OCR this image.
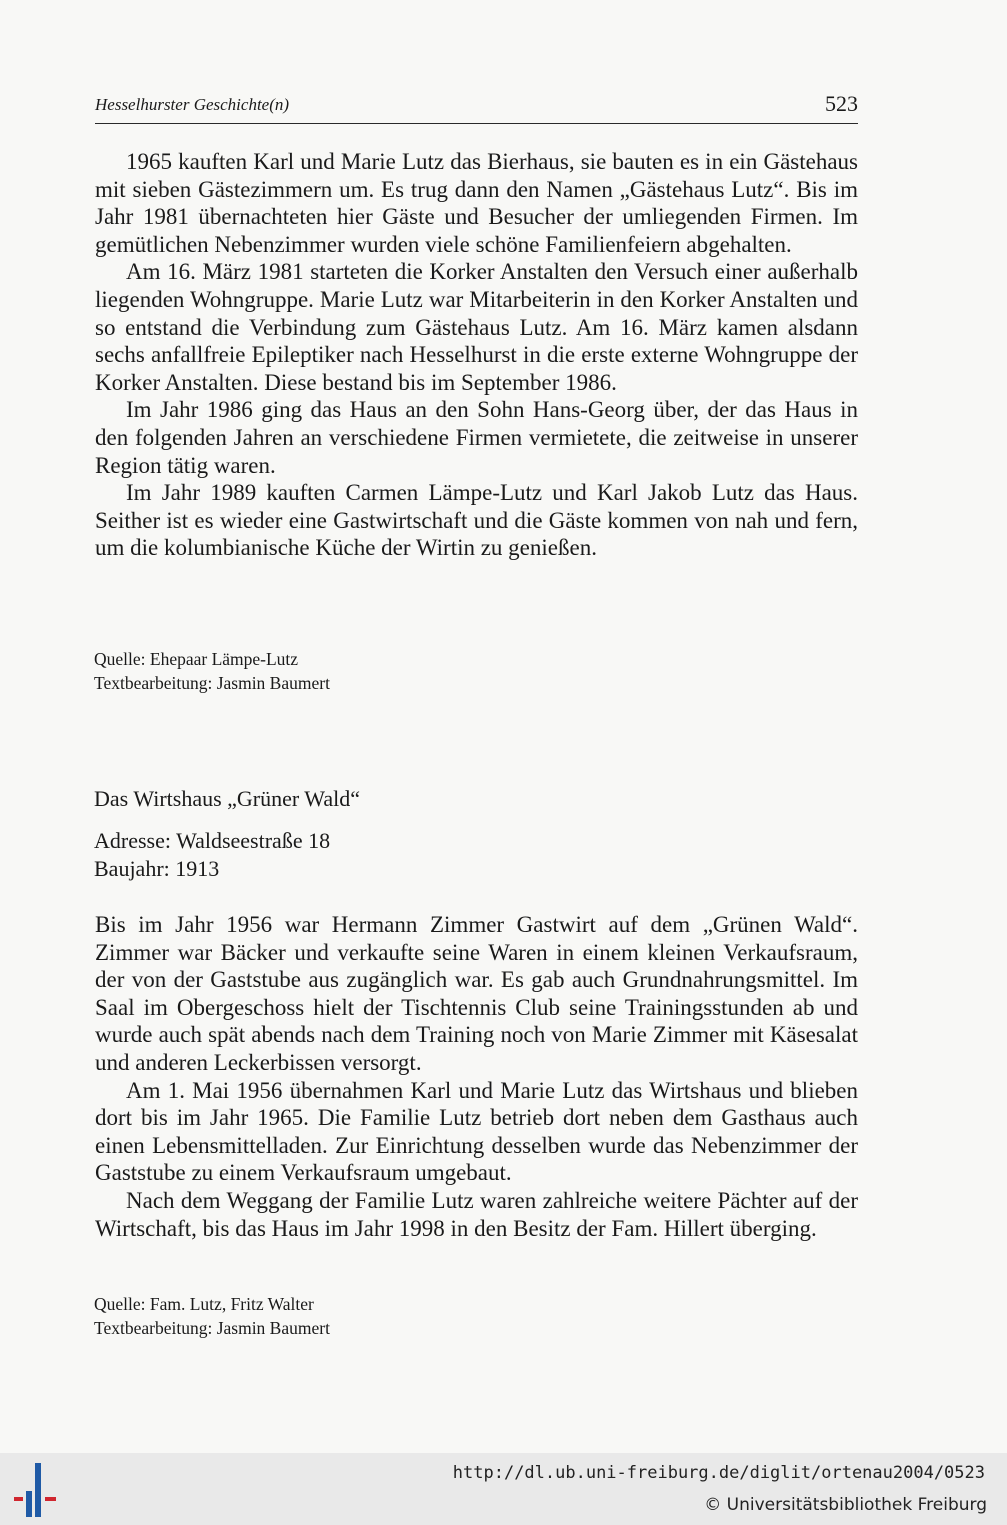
Hesselhurster Geschichte(n)	523

1965 kauften Karl und Marie Lutz das Bierhaus, sie bauten es in ein Gästehaus mit sieben Gästezimmern um. Es trug dann den Namen „Gästehaus Lutz“. Bis im Jahr 1981 übernachteten hier Gäste und Besucher der umliegenden Firmen. Im gemütlichen Nebenzimmer wurden viele schöne Familienfeiern abgehalten.

Am 16. März 1981 starteten die Korker Anstalten den Versuch einer außerhalb liegenden Wohngruppe. Marie Lutz war Mitarbeiterin in den Korker Anstalten und so entstand die Verbindung zum Gästehaus Lutz. Am 16. März kamen alsdann sechs anfallfreie Epileptiker nach Hesselhurst in die erste externe Wohngruppe der Korker Anstalten. Diese bestand bis im September 1986.

Im Jahr 1986 ging das Haus an den Sohn Hans-Georg über, der das Haus in den folgenden Jahren an verschiedene Firmen vermietete, die zeitweise in unserer Region tätig waren.

Im Jahr 1989 kauften Carmen Lämpe-Lutz und Karl Jakob Lutz das Haus. Seither ist es wieder eine Gastwirtschaft und die Gäste kommen von nah und fern, um die kolumbianische Küche der Wirtin zu genießen.

Quelle: Ehepaar Lämpe-Lutz
Textbearbeitung: Jasmin Baumert
Das Wirtshaus „Grüner Wald“
Adresse: Waldseestraße 18
Baujahr: 1913

Bis im Jahr 1956 war Hermann Zimmer Gastwirt auf dem „Grünen Wald“. Zimmer war Bäcker und verkaufte seine Waren in einem kleinen Verkaufsraum, der von der Gaststube aus zugänglich war. Es gab auch Grundnahrungsmittel. Im Saal im Obergeschoss hielt der Tischtennis Club seine Trainingsstunden ab und wurde auch spät abends nach dem Training noch von Marie Zimmer mit Käsesalat und anderen Leckerbissen versorgt.

Am 1. Mai 1956 übernahmen Karl und Marie Lutz das Wirtshaus und blieben dort bis im Jahr 1965. Die Familie Lutz betrieb dort neben dem Gasthaus auch einen Lebensmittelladen. Zur Einrichtung desselben wurde das Nebenzimmer der Gaststube zu einem Verkaufsraum umgebaut.

Nach dem Weggang der Familie Lutz waren zahlreiche weitere Pächter auf der Wirtschaft, bis das Haus im Jahr 1998 in den Besitz der Fam. Hillert überging.

Quelle: Fam. Lutz, Fritz Walter
Textbearbeitung: Jasmin Baumert
http://dl.ub.uni-freiburg.de/diglit/ortenau2004/0523
© Universitätsbibliothek Freiburg
